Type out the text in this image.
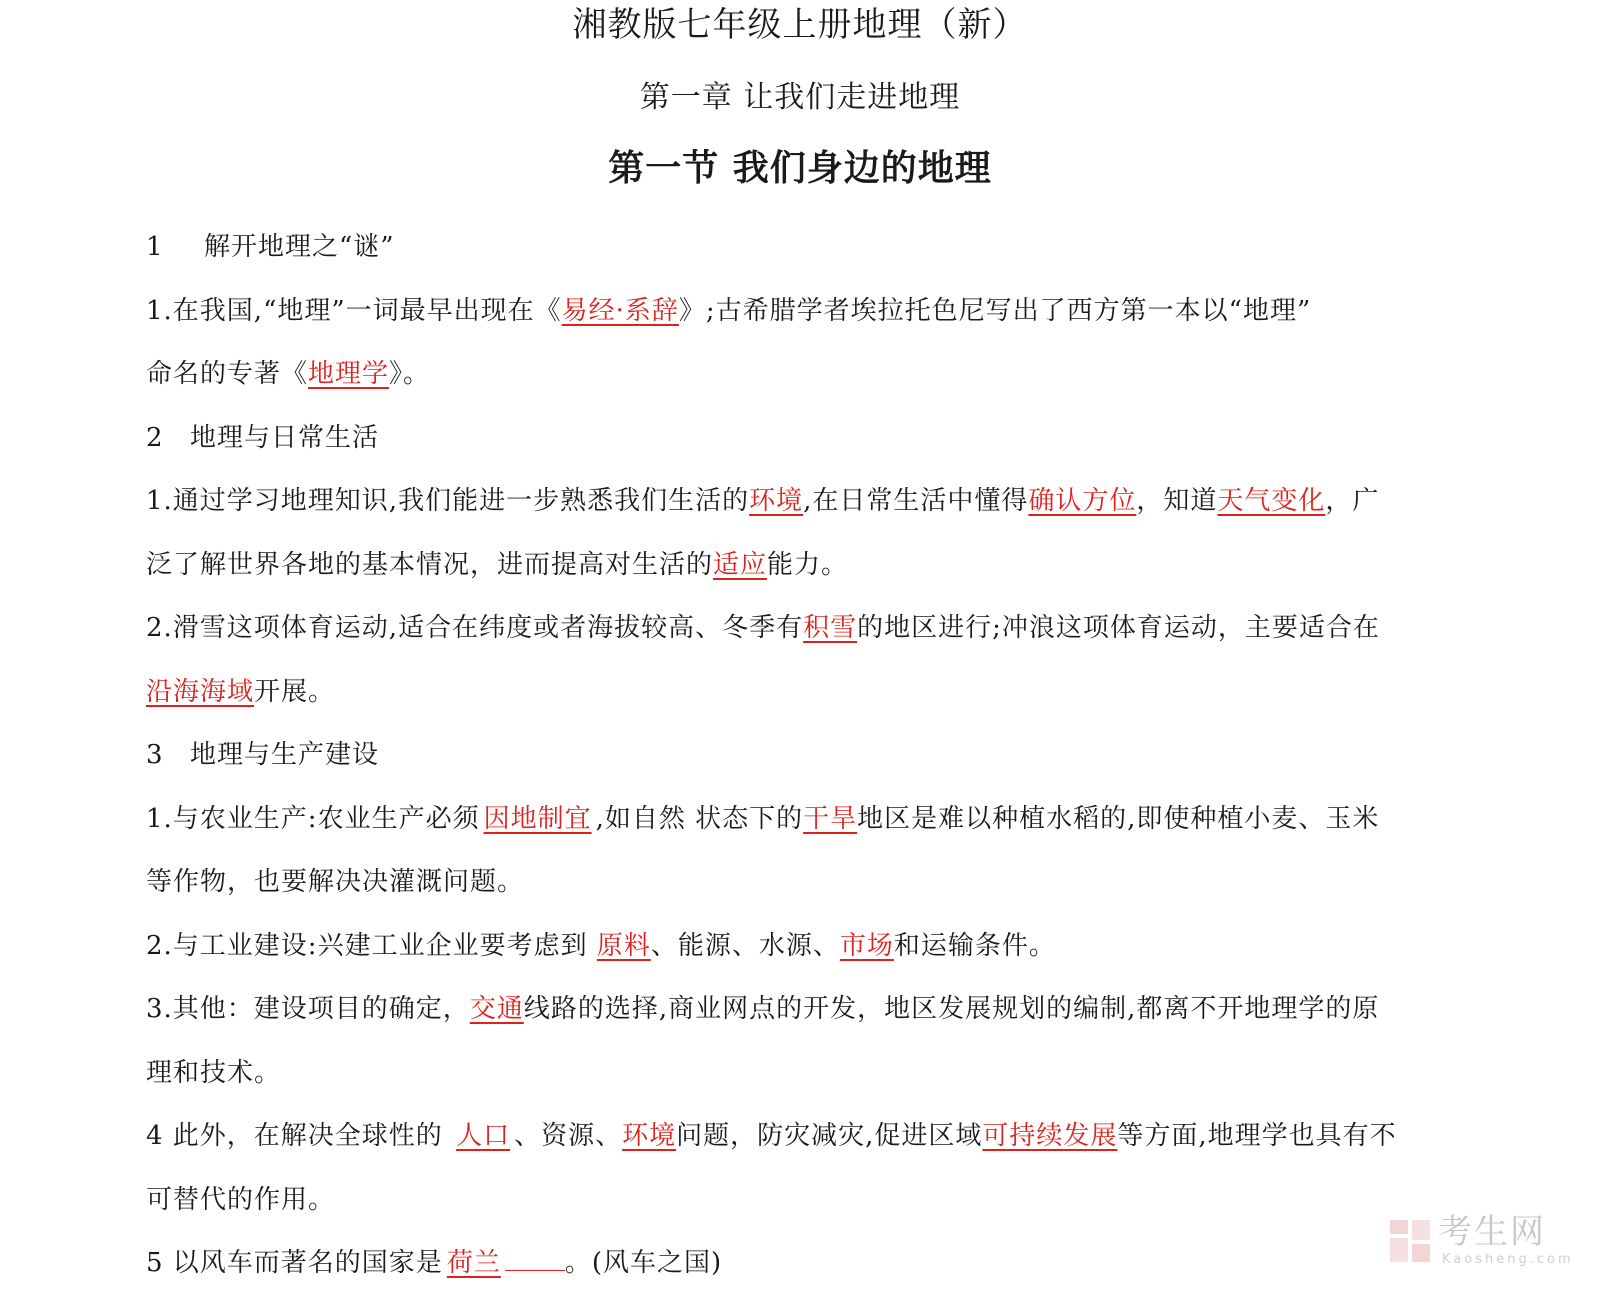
湘教版七年级上册地理（新）
第一章 让我们走进地理
第一节 我们身边的地理
1 解开地理之“谜”
1.在我国,“地理”一词最早出现在《易经·系辞》;古希腊学者埃拉托色尼写出了西方第一本以“地理”
命名的专著《地理学》。
2 地理与日常生活
1.通过学习地理知识,我们能进一步熟悉我们生活的环境,在日常生活中懂得确认方位，知道天气变化，广
泛了解世界各地的基本情况，进而提高对生活的适应能力。
2.滑雪这项体育运动,适合在纬度或者海拔较高、冬季有积雪的地区进行;冲浪这项体育运动，主要适合在
沿海海域开展。
3 地理与生产建设
1.与农业生产:农业生产必须 因地制宜 ,如自然 状态下的干旱地区是难以种植水稻的,即使种植小麦、玉米
等作物，也要解决决灌溉问题。
2.与工业建设:兴建工业企业要考虑到 原料、能源、水源、市场和运输条件。
3.其他：建设项目的确定，交通线路的选择,商业网点的开发，地区发展规划的编制,都离不开地理学的原
理和技术。
4 此外，在解决全球性的 人口 、资源、环境问题，防灾减灾,促进区域可持续发展等方面,地理学也具有不
可替代的作用。
5 以风车而著名的国家是 荷兰 。(风车之国)
考生网
Kaosheng.com
